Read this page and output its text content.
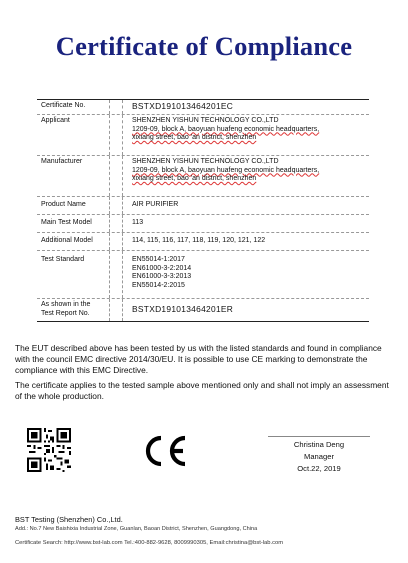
Certificate of Compliance
Certificate No.	BSTXD191013464201EC
Applicant	SHENZHEN YISHUN TECHNOLOGY CO.,LTD
1209-09, block A, baoyuan huafeng economic headquarters,
xixiang street, bao 'an district, shenzhen
Manufacturer	SHENZHEN YISHUN TECHNOLOGY CO.,LTD
1209-09, block A, baoyuan huafeng economic headquarters,
xixiang street, bao 'an district, shenzhen
Product Name	AIR PURIFIER
Main Test Model	113
Additional Model	114, 115, 116, 117, 118, 119, 120, 121, 122
Test Standard	EN55014-1:2017
EN61000-3-2:2014
EN61000-3-3:2013
EN55014-2:2015
As shown in the
Test Report No.	BSTXD191013464201ER
The EUT described above has been tested by us with the listed standards and found in compliance with the council EMC directive 2014/30/EU. It is possible to use CE marking to demonstrate the compliance with this EMC Directive.
The certificate applies to the tested sample above mentioned only and shall not imply an assessment of the whole production.
CE
Christina Deng
Manager
Oct.22, 2019
BST Testing (Shenzhen) Co.,Ltd.
Add.: No.7 New Baishixia Industrial Zone, Guanlan, Baoan District, Shenzhen, Guangdong, China
Certificate Search: http://www.bst-lab.com Tel.:400-882-9628, 8009990305, Email:christina@bst-lab.com
